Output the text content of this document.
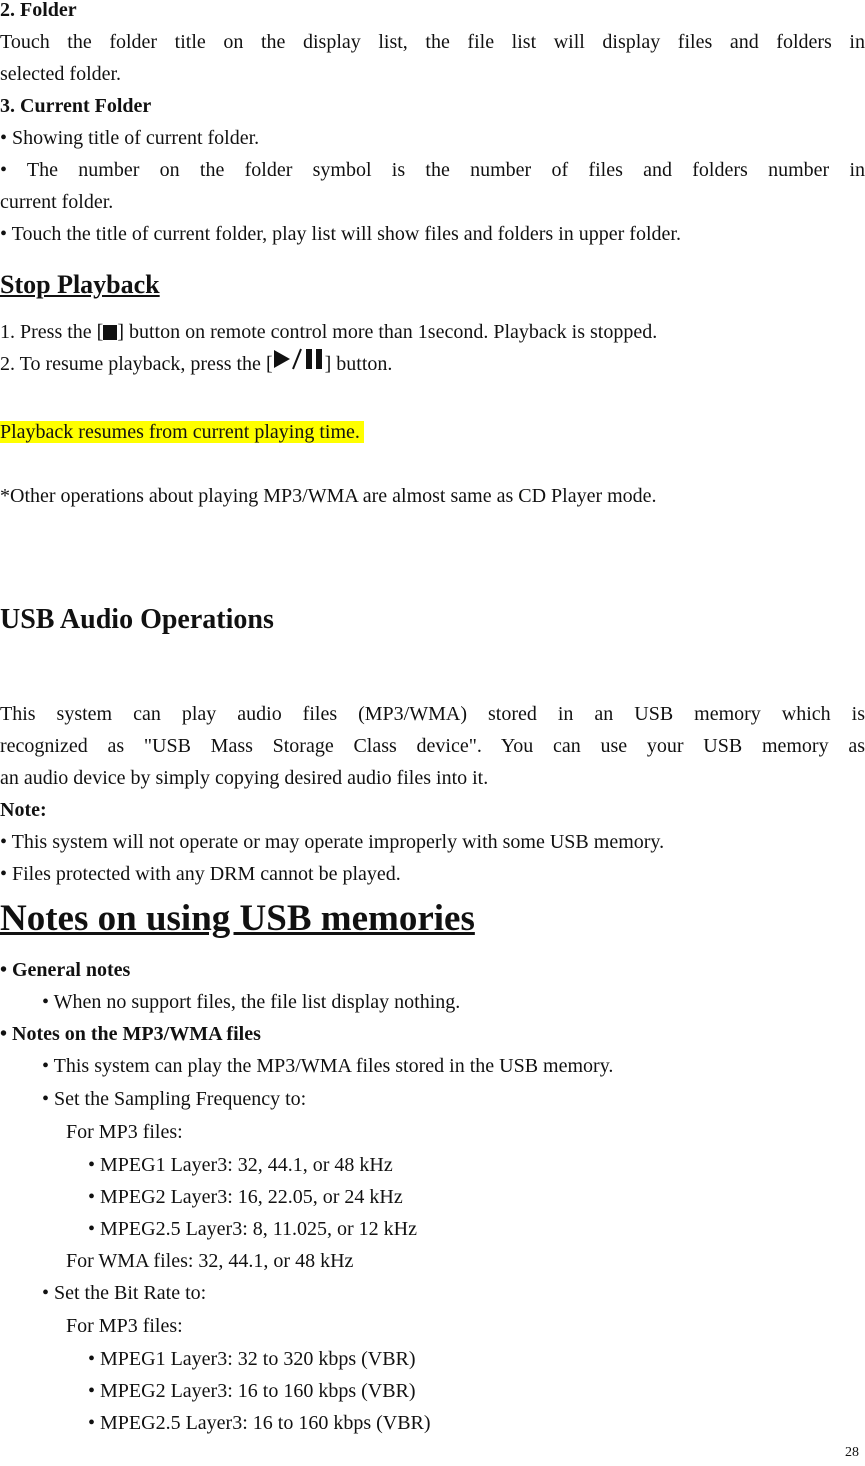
2. Folder
Touch the folder title on the display list, the file list will display files and folders in
selected folder.
3. Current Folder
• Showing title of current folder.
• The number on the folder symbol is the number of files and folders number in
current folder.
• Touch the title of current folder, play list will show files and folders in upper folder.
Stop Playback
1. Press the [ ] button on remote control more than 1second. Playback is stopped.
2. To resume playback, press the [	] button.
Playback resumes from current playing time.
*Other operations about playing MP3/WMA are almost same as CD Player mode.
USB Audio Operations
This system can play audio files (MP3/WMA) stored in an USB memory which is
recognized as "USB Mass Storage Class device". You can use your USB memory as
an audio device by simply copying desired audio files into it.
Note:
• This system will not operate or may operate improperly with some USB memory.
• Files protected with any DRM cannot be played.
Notes on using USB memories
• General notes
• When no support files, the file list display nothing.
• Notes on the MP3/WMA files
• This system can play the MP3/WMA files stored in the USB memory.
• Set the Sampling Frequency to:
For MP3 files:
• MPEG1 Layer3: 32, 44.1, or 48 kHz
• MPEG2 Layer3: 16, 22.05, or 24 kHz
• MPEG2.5 Layer3: 8, 11.025, or 12 kHz
For WMA files: 32, 44.1, or 48 kHz
• Set the Bit Rate to:
For MP3 files:
• MPEG1 Layer3: 32 to 320 kbps (VBR)
• MPEG2 Layer3: 16 to 160 kbps (VBR)
• MPEG2.5 Layer3: 16 to 160 kbps (VBR)
28
